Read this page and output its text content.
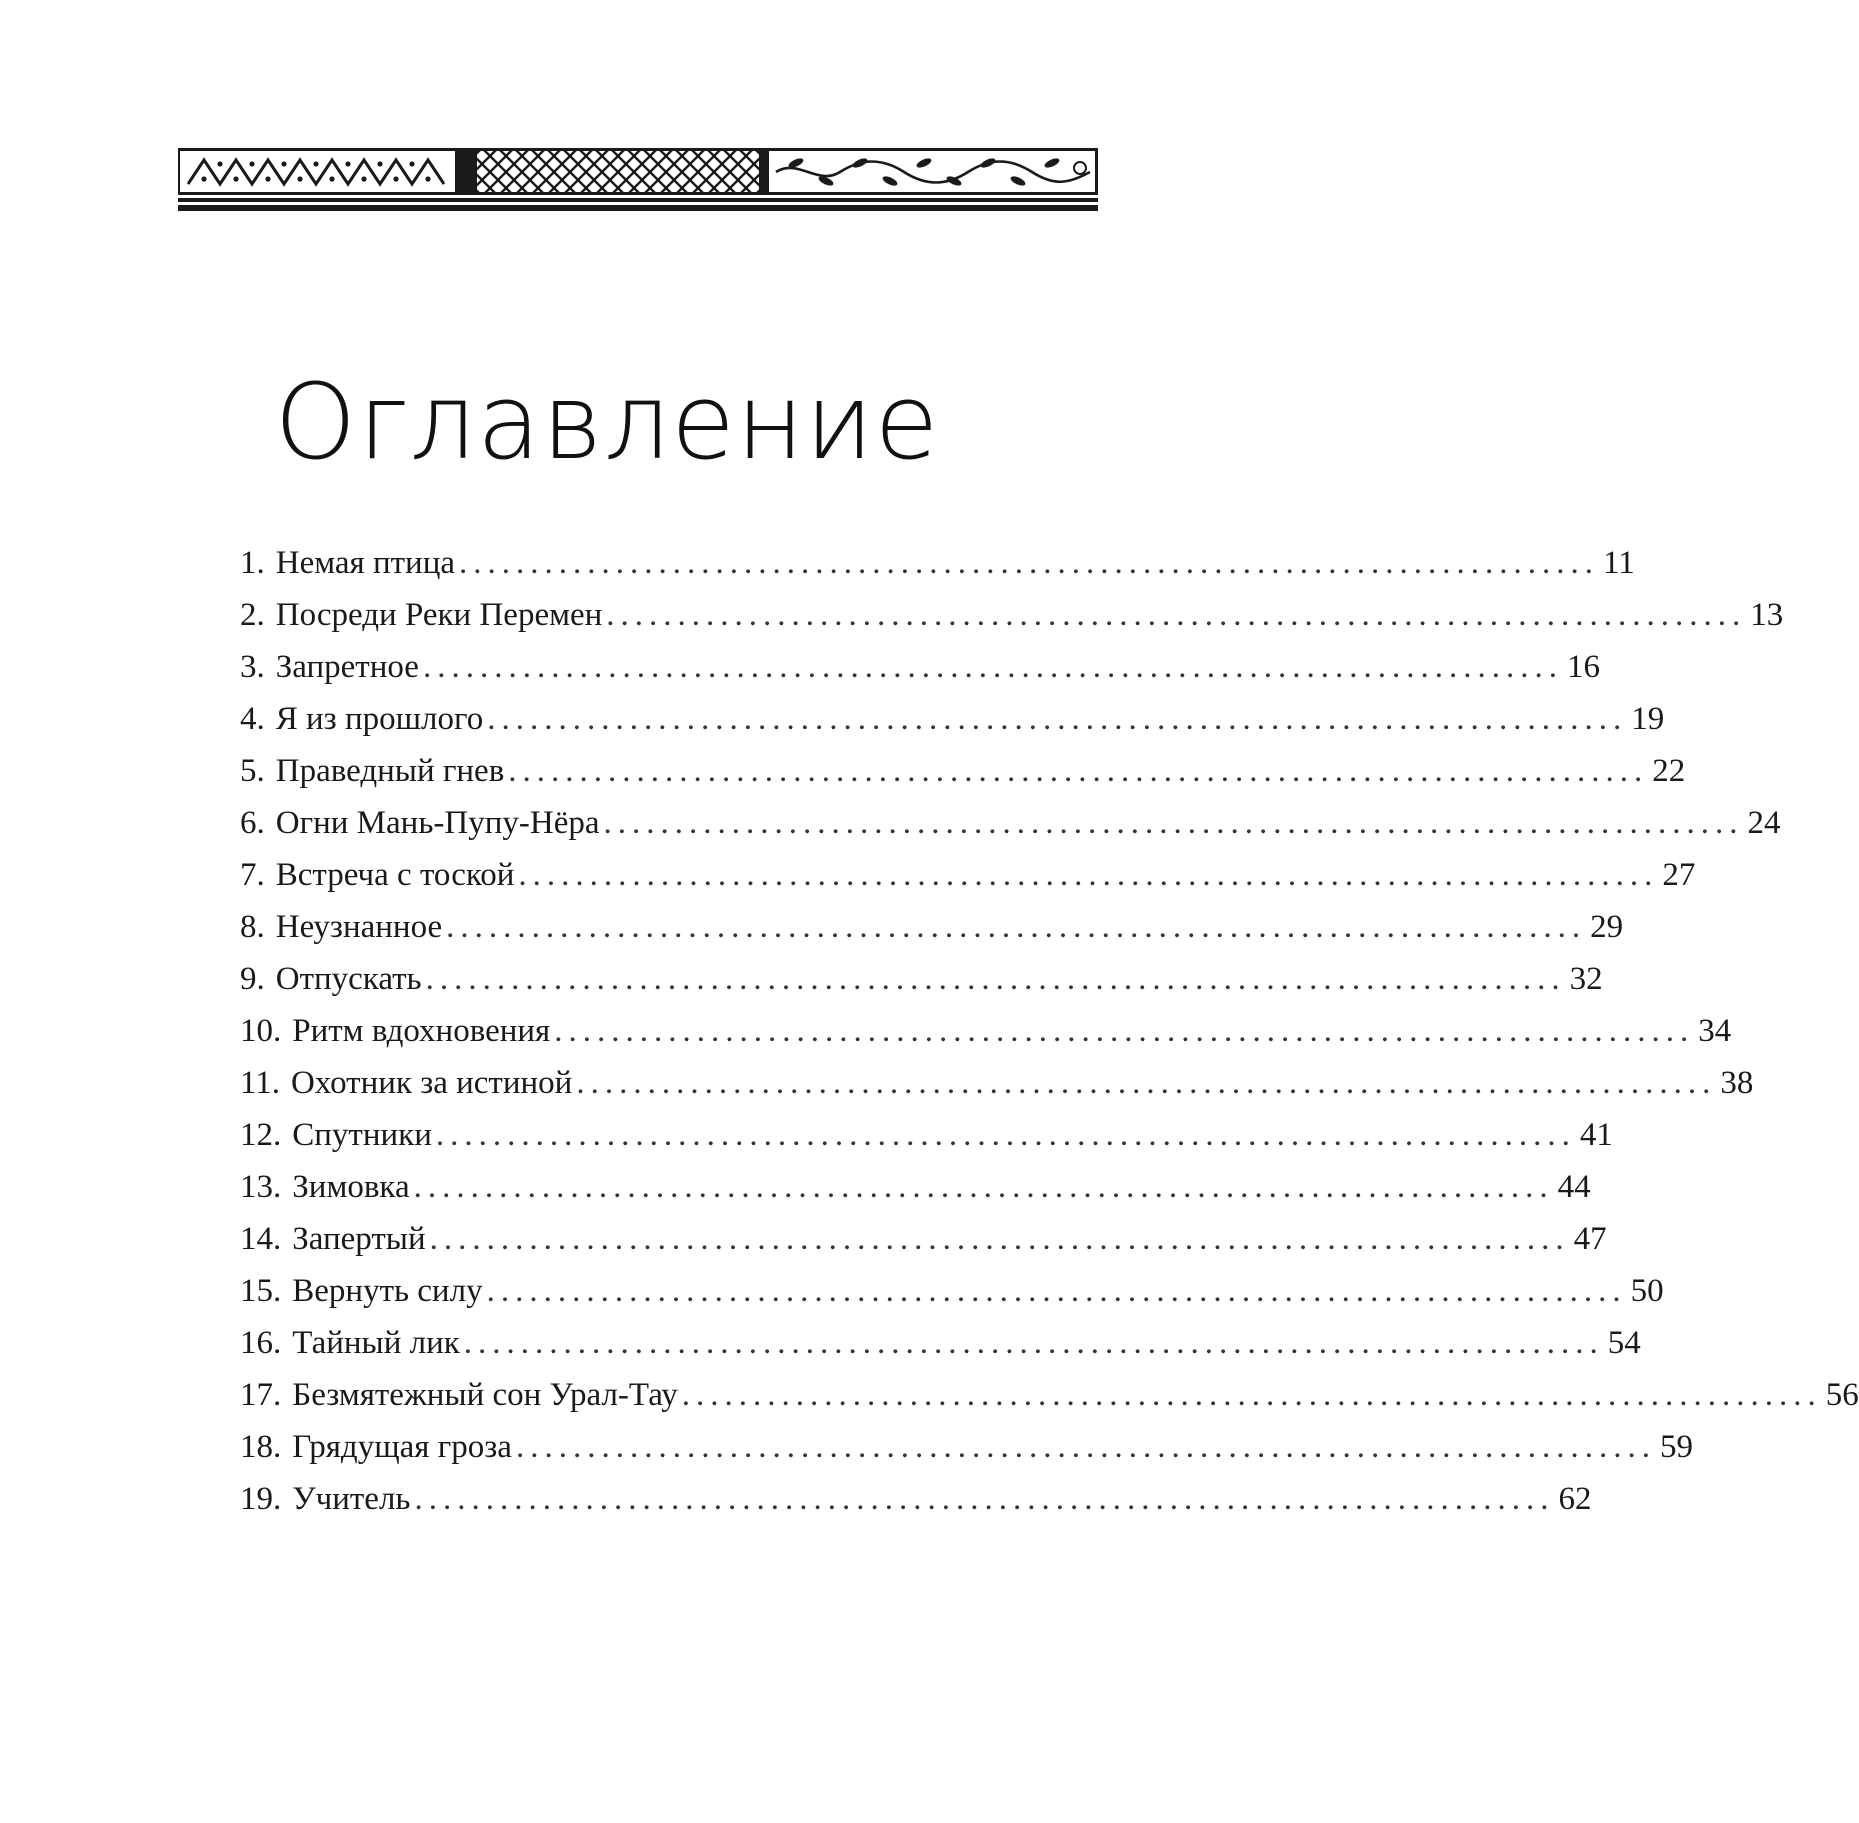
Оглавление
1. Немая птица ................................................................................ 11
2. Посреди Реки Перемен ................................................................................ 13
3. Запретное ................................................................................ 16
4. Я из прошлого ................................................................................ 19
5. Праведный гнев ................................................................................ 22
6. Огни Мань-Пупу-Нёра ................................................................................ 24
7. Встреча с тоской ................................................................................ 27
8. Неузнанное ................................................................................ 29
9. Отпускать ................................................................................ 32
10. Ритм вдохновения ................................................................................ 34
11. Охотник за истиной ................................................................................ 38
12. Спутники ................................................................................ 41
13. Зимовка ................................................................................ 44
14. Запертый ................................................................................ 47
15. Вернуть силу ................................................................................ 50
16. Тайный лик ................................................................................ 54
17. Безмятежный сон Урал-Тау ................................................................................ 56
18. Грядущая гроза ................................................................................ 59
19. Учитель ................................................................................ 62
